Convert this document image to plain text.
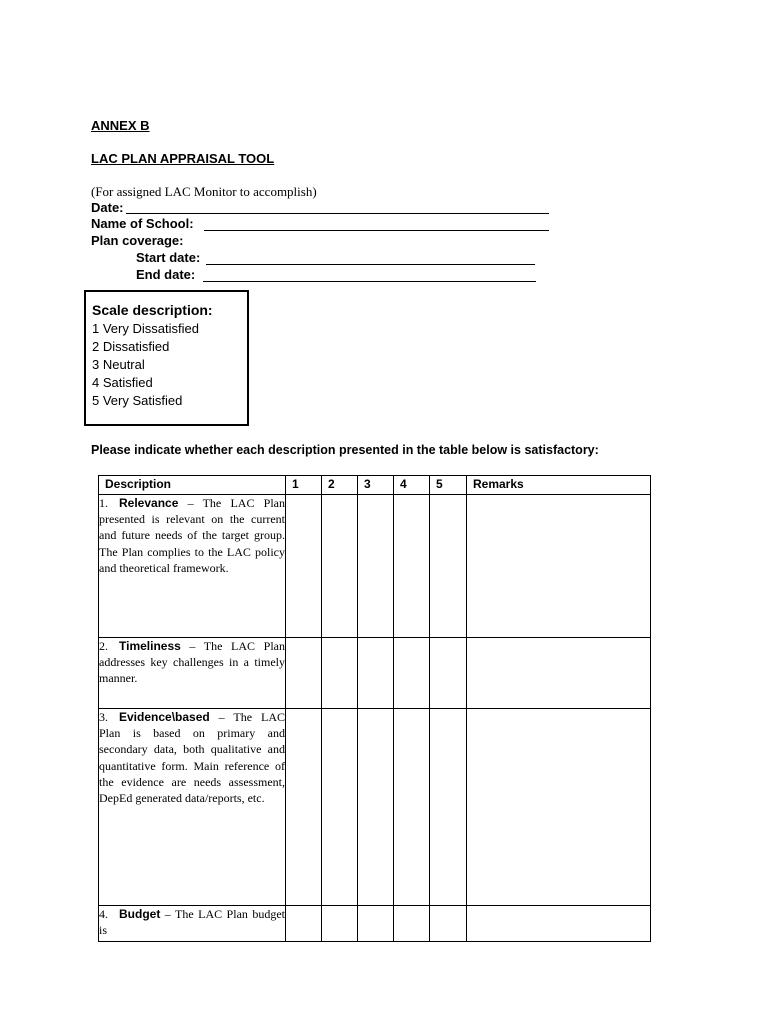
ANNEX B
LAC PLAN APPRAISAL TOOL
(For assigned LAC Monitor to accomplish)
Date:
Name of School:
Plan coverage:
Start date:
End date:
Scale description:
1 Very Dissatisfied
2 Dissatisfied
3 Neutral
4 Satisfied
5 Very Satisfied
Please indicate whether each description presented in the table below is satisfactory:
Description	1	2	3	4	5	Remarks
1. Relevance – The LAC Plan presented is relevant on the current and future needs of the target group. The Plan complies to the LAC policy and theoretical framework.						
2. Timeliness – The LAC Plan addresses key challenges in a timely manner.						
3. Evidence\based – The LAC Plan is based on primary and secondary data, both qualitative and quantitative form. Main reference of the evidence are needs assessment, DepEd generated data/reports, etc.						
4. Budget – The LAC Plan budget is						
